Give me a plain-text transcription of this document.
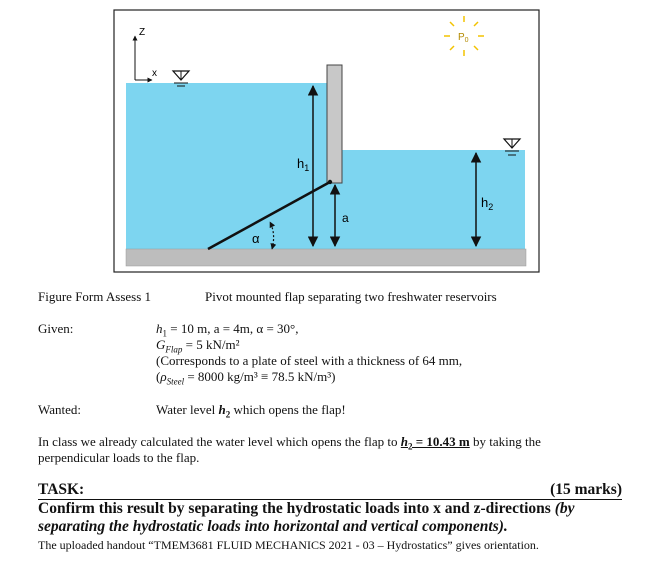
Z
x
$P_0$
$h_1$
a
$h_2$
α
Figure Form Assess 1	Pivot mounted flap separating two freshwater reservoirs
Given:	$h_1 = 10$ m, a = 4m, α = 30°,
$G_{Flap} = 5$ kN/m²
(Corresponds to a plate of steel with a thickness of 64 mm,
($\rho_{Steel} = 8000$ kg/m³ ≡ 78.5 kN/m³)
Wanted:	Water level $h_2$ which opens the flap!
In class we already calculated the water level which opens the flap to $h_2 = 10.43$ m by taking the
perpendicular loads to the flap.
TASK:	(15 marks)
Confirm this result by separating the hydrostatic loads into x and z-directions (by
separating the hydrostatic loads into horizontal and vertical components).
The uploaded handout “TMEM3681 FLUID MECHANICS 2021 - 03 – Hydrostatics” gives orientation.
